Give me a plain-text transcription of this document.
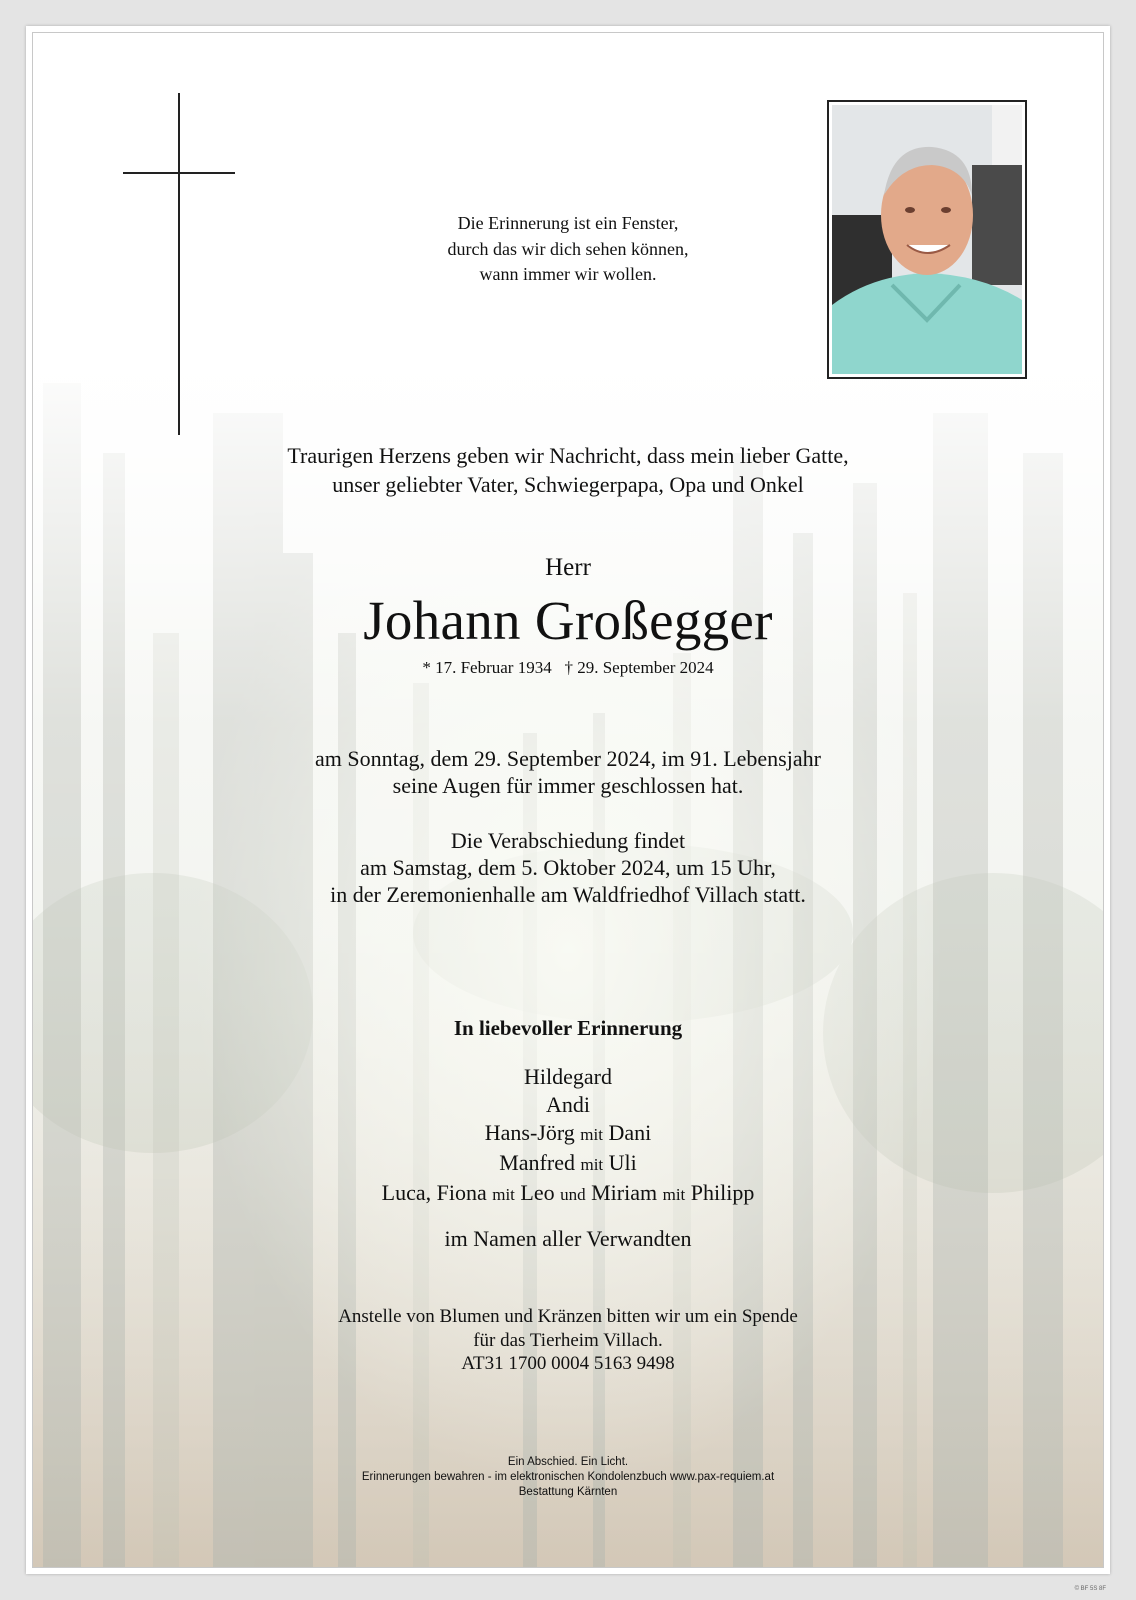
Die Erinnerung ist ein Fenster,
durch das wir dich sehen können,
wann immer wir wollen.
Traurigen Herzens geben wir Nachricht, dass mein lieber Gatte,
unser geliebter Vater, Schwiegerpapa, Opa und Onkel
Herr
Johann Großegger
* 17. Februar 1934   † 29. September 2024
am Sonntag, dem 29. September 2024, im 91. Lebensjahr
seine Augen für immer geschlossen hat.
Die Verabschiedung findet
am Samstag, dem 5. Oktober 2024, um 15 Uhr,
in der Zeremonienhalle am Waldfriedhof Villach statt.
In liebevoller Erinnerung
Hildegard
Andi
Hans-Jörg mit Dani
Manfred mit Uli
Luca, Fiona mit Leo und Miriam mit Philipp
im Namen aller Verwandten
Anstelle von Blumen und Kränzen bitten wir um ein Spende
für das Tierheim Villach.
AT31 1700 0004 5163 9498
Ein Abschied. Ein Licht.
Erinnerungen bewahren - im elektronischen Kondolenzbuch www.pax-requiem.at
Bestattung Kärnten
© BF 5S 8F
